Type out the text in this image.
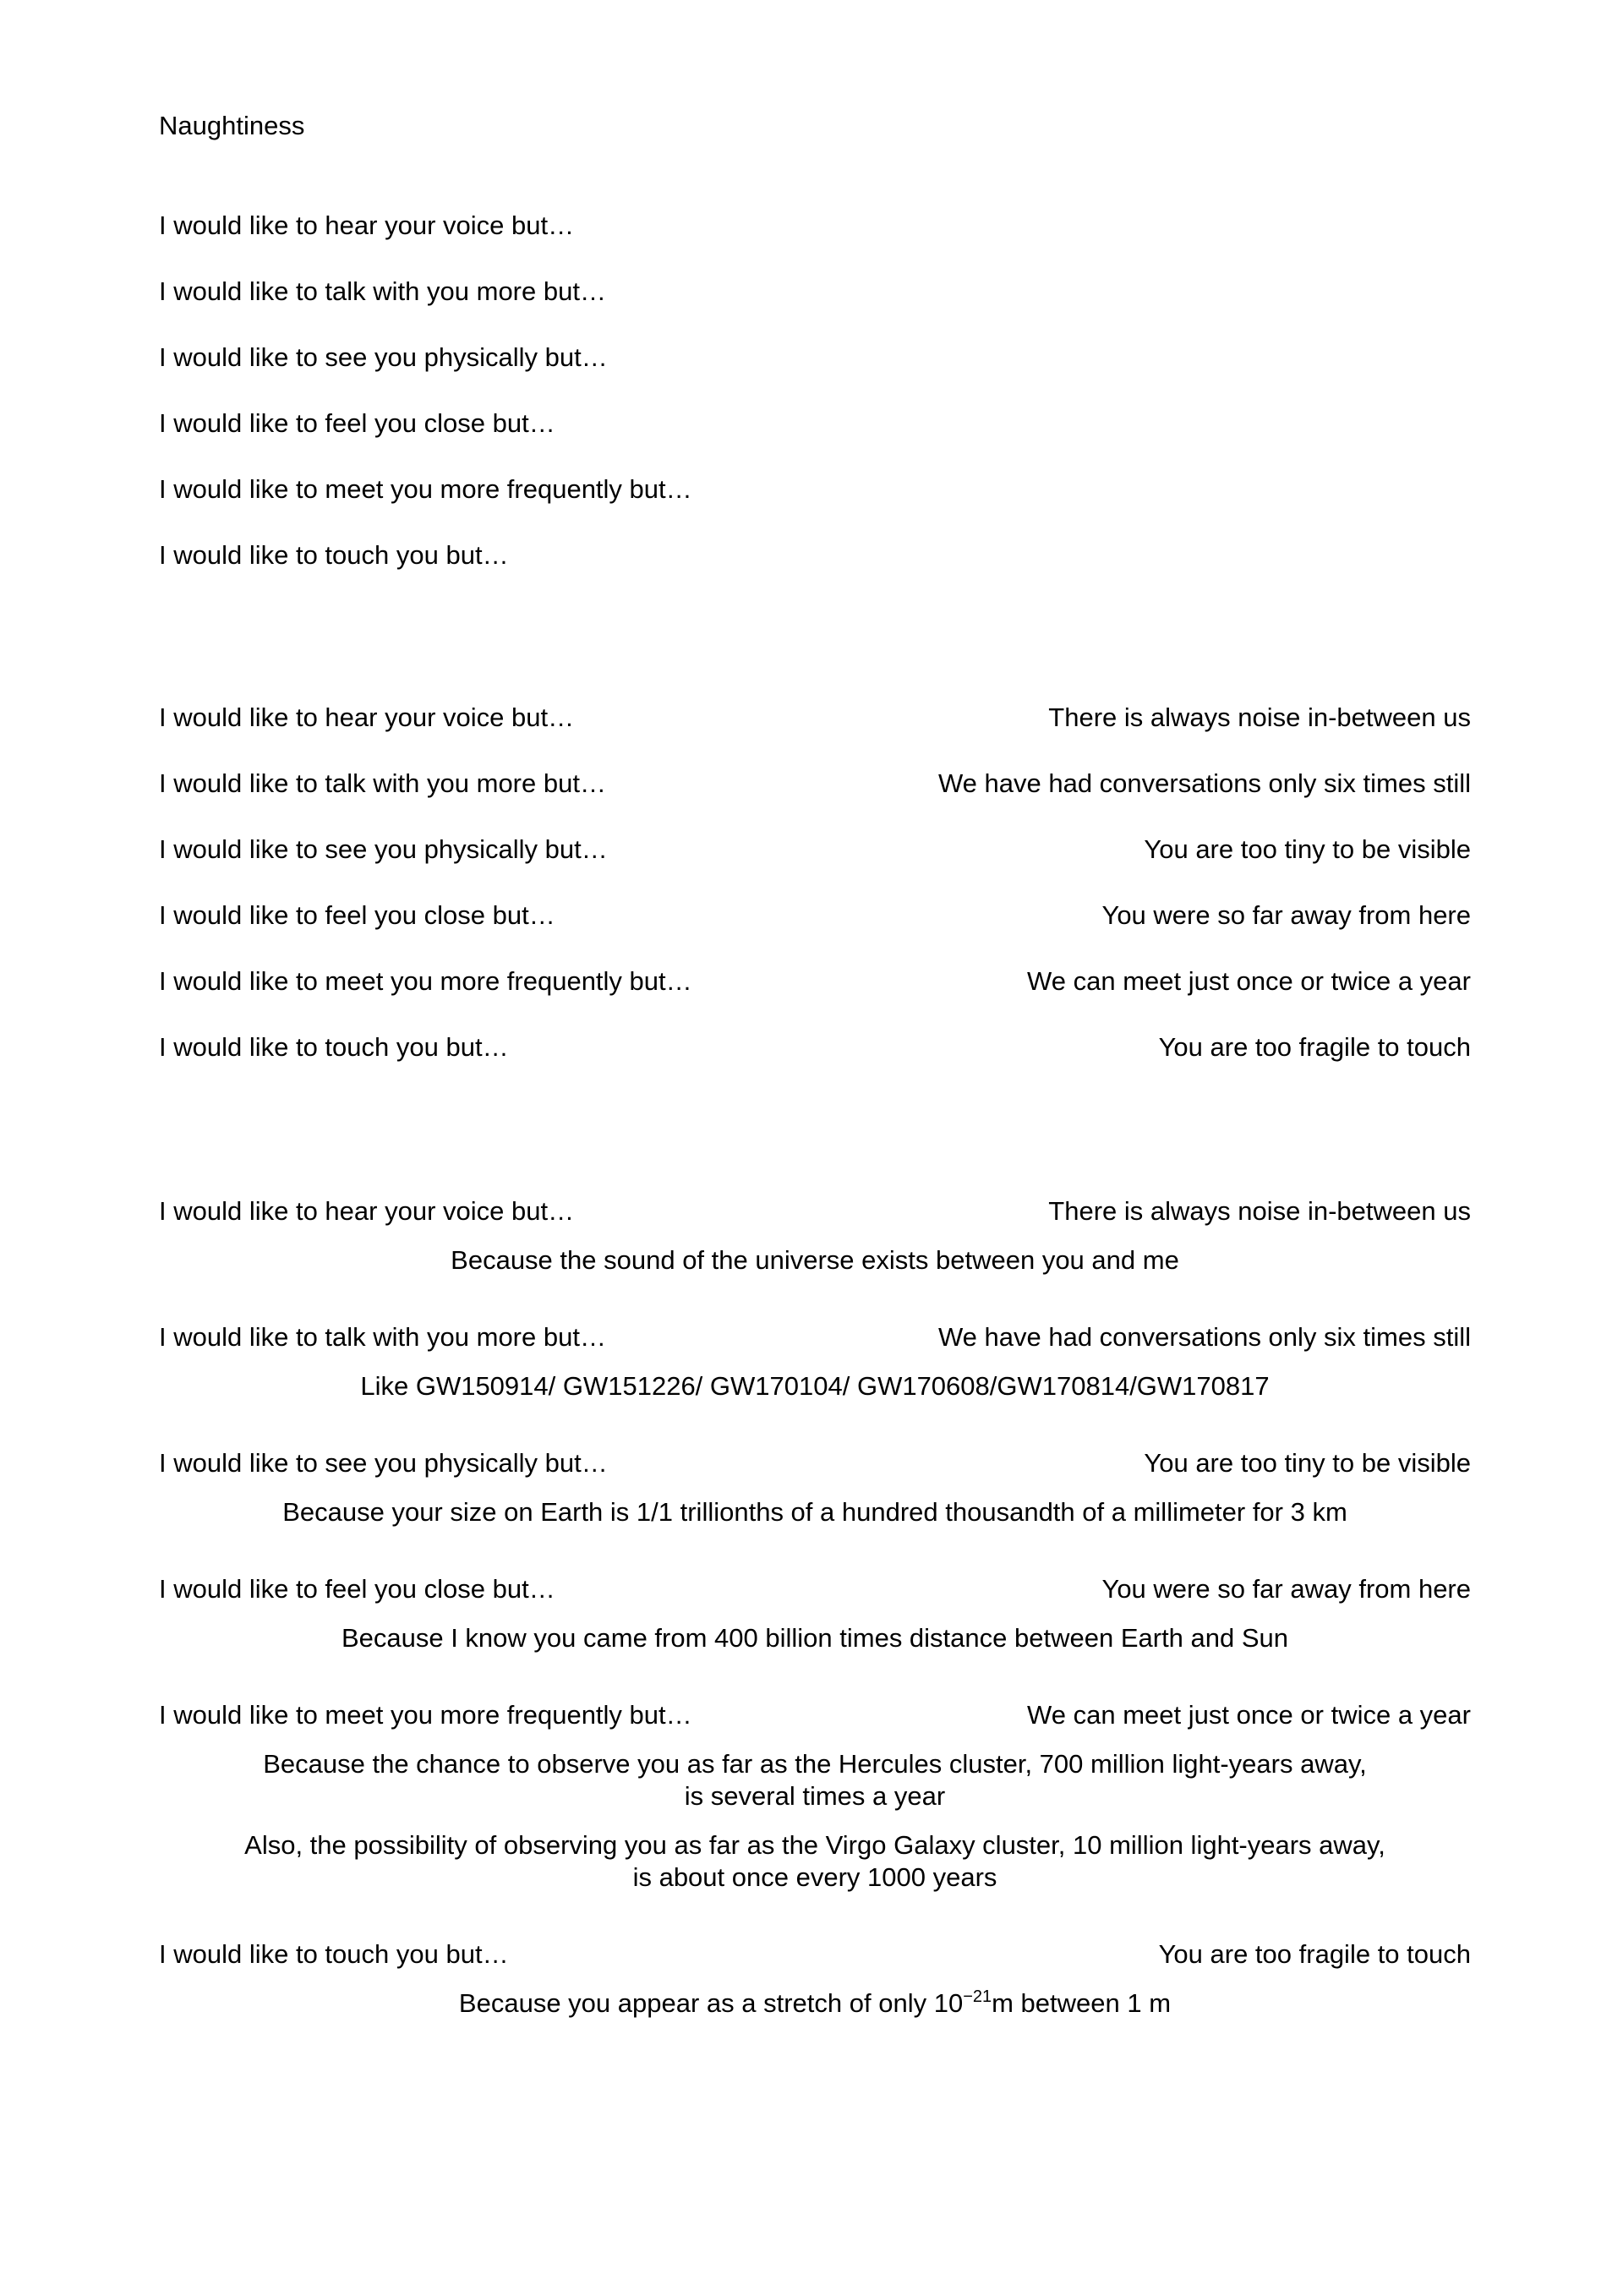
Naughtiness
I would like to hear your voice but…
I would like to talk with you more but…
I would like to see you physically but…
I would like to feel you close but…
I would like to meet you more frequently but…
I would like to touch you but…
I would like to hear your voice but…	There is always noise in-between us
I would like to talk with you more but…	We have had conversations only six times still
I would like to see you physically but…	You are too tiny to be visible
I would like to feel you close but…	You were so far away from here
I would like to meet you more frequently but…	We can meet just once or twice a year
I would like to touch you but…	You are too fragile to touch
I would like to hear your voice but…	There is always noise in-between us
Because the sound of the universe exists between you and me
I would like to talk with you more but…	We have had conversations only six times still
Like GW150914/ GW151226/ GW170104/ GW170608/GW170814/GW170817
I would like to see you physically but…	You are too tiny to be visible
Because your size on Earth is 1/1 trillionths of a hundred thousandth of a millimeter for 3 km
I would like to feel you close but…	You were so far away from here
Because I know you came from 400 billion times distance between Earth and Sun
I would like to meet you more frequently but…	We can meet just once or twice a year
Because the chance to observe you as far as the Hercules cluster, 700 million light-years away,
is several times a year
Also, the possibility of observing you as far as the Virgo Galaxy cluster, 10 million light-years away,
is about once every 1000 years
I would like to touch you but…	You are too fragile to touch
Because you appear as a stretch of only $10^{-21}m$ between 1 m
